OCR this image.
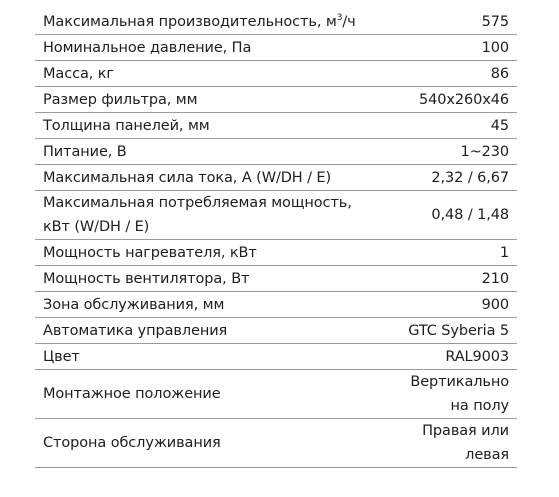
Максимальная производительность, $м^3/ч$	575
Номинальное давление, Па	100
Масса, кг	86
Размер фильтра, мм	540x260x46
Толщина панелей, мм	45
Питание, В	1~230
Максимальная сила тока, А (W/DH / E)	2,32 / 6,67
Максимальная потребляемая мощность, кВт (W/DH / E)	0,48 / 1,48
Мощность нагревателя, кВт	1
Мощность вентилятора, Вт	210
Зона обслуживания, мм	900
Автоматика управления	GTC Syberia 5
Цвет	RAL9003
Монтажное положение	Вертикально на полу
Сторона обслуживания	Правая или левая
